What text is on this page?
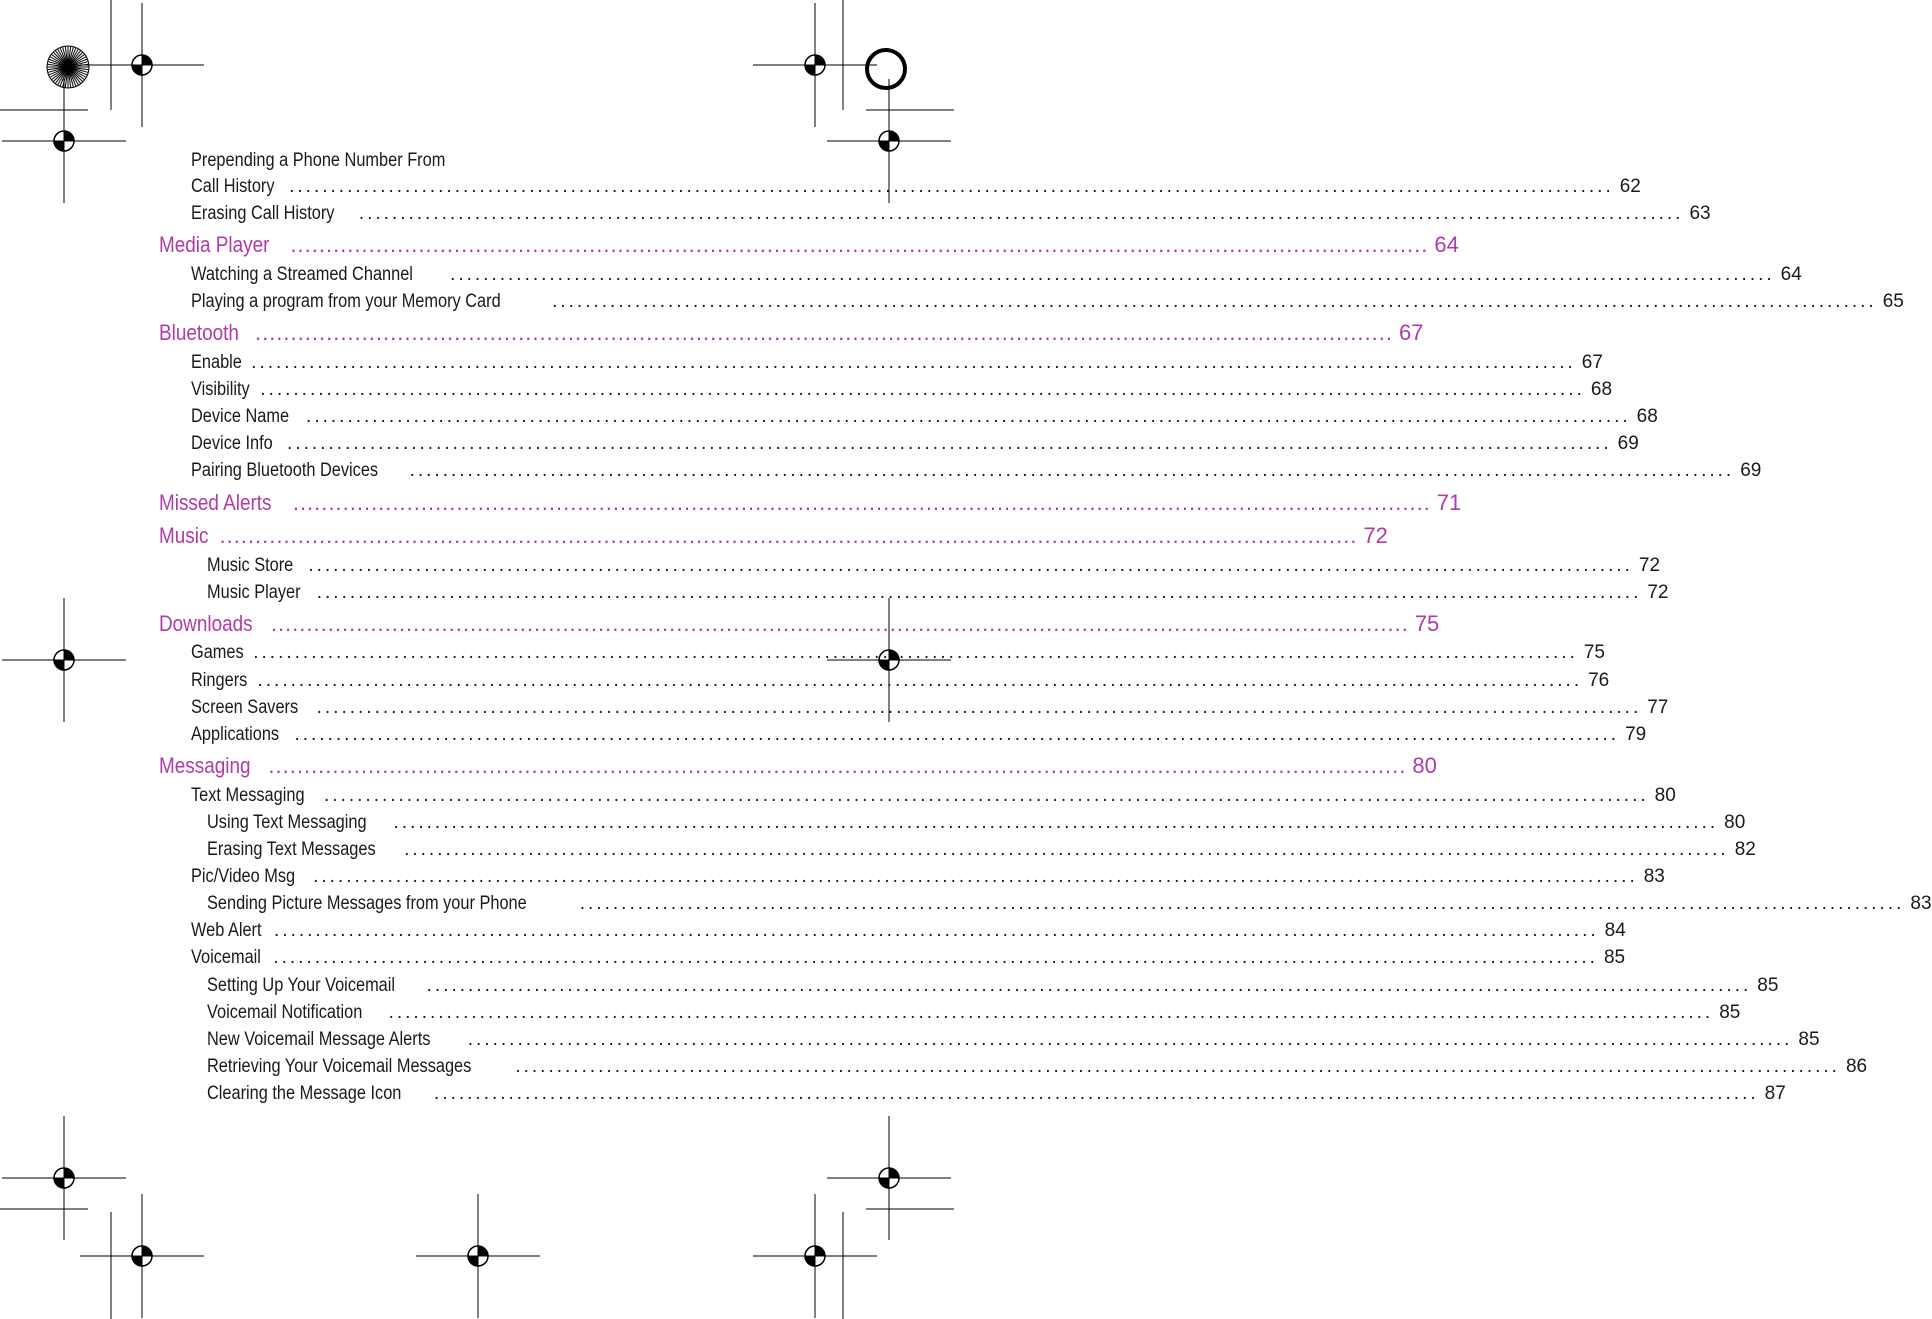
Prepending a Phone Number From
Call History ................................................................................................................................................................ 62
Erasing Call History ................................................................................................................................................................ 63
Media Player ................................................................................................................................................................ 64
Watching a Streamed Channel ................................................................................................................................................................ 64
Playing a program from your Memory Card	................................................................................................................................................................ 65
Bluetooth ................................................................................................................................................................ 67
Enable ................................................................................................................................................................ 67
Visibility ................................................................................................................................................................ 68
Device Name ................................................................................................................................................................ 68
Device Info ................................................................................................................................................................ 69
Pairing Bluetooth Devices ................................................................................................................................................................ 69
Missed Alerts ................................................................................................................................................................ 71
Music ................................................................................................................................................................ 72
Music Store ................................................................................................................................................................ 72
Music Player ................................................................................................................................................................ 72
Downloads ................................................................................................................................................................ 75
Games ................................................................................................................................................................ 75
Ringers ................................................................................................................................................................ 76
Screen Savers ................................................................................................................................................................ 77
Applications ................................................................................................................................................................ 79
Messaging ................................................................................................................................................................ 80
Text Messaging ................................................................................................................................................................ 80
Using Text Messaging ................................................................................................................................................................ 80
Erasing Text Messages ................................................................................................................................................................ 82
Pic/Video Msg ................................................................................................................................................................ 83
Sending Picture Messages from your Phone	................................................................................................................................................................ 83
Web Alert ................................................................................................................................................................ 84
Voicemail ................................................................................................................................................................ 85
Setting Up Your Voicemail ................................................................................................................................................................ 85
Voicemail Notification ................................................................................................................................................................ 85
New Voicemail Message Alerts ................................................................................................................................................................ 85
Retrieving Your Voicemail Messages ................................................................................................................................................................ 86
Clearing the Message Icon ................................................................................................................................................................ 87
